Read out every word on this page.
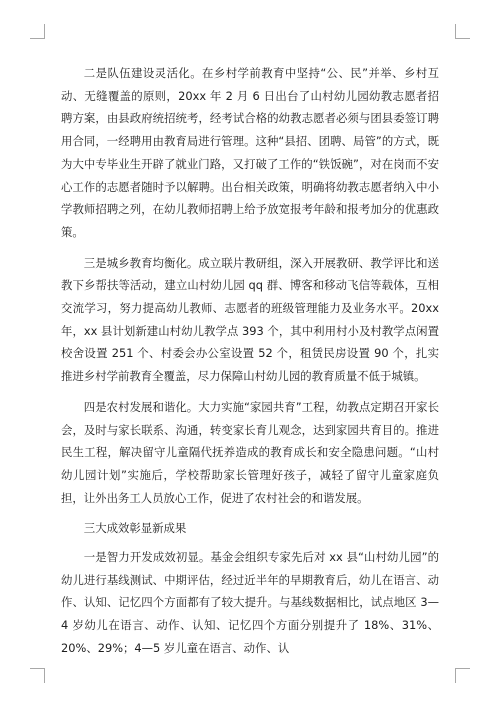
二是队伍建设灵活化。在乡村学前教育中坚持“公、民”并举、乡村互动、无缝覆盖的原则，20xx 年 2 月 6 日出台了山村幼儿园幼教志愿者招聘方案，由县政府统招统考，经考试合格的幼教志愿者必须与团县委签订聘用合同，一经聘用由教育局进行管理。这种“县招、团聘、局管”的方式，既为大中专毕业生开辟了就业门路，又打破了工作的“铁饭碗”，对在岗而不安心工作的志愿者随时予以解聘。出台相关政策，明确将幼教志愿者纳入中小学教师招聘之列，在幼儿教师招聘上给予放宽报考年龄和报考加分的优惠政策。

三是城乡教育均衡化。成立联片教研组，深入开展教研、教学评比和送教下乡帮扶等活动，建立山村幼儿园 qq 群、博客和移动飞信等载体，互相交流学习，努力提高幼儿教师、志愿者的班级管理能力及业务水平。20xx 年，xx 县计划新建山村幼儿教学点 393 个，其中利用村小及村教学点闲置校舍设置 251 个、村委会办公室设置 52 个，租赁民房设置 90 个，扎实推进乡村学前教育全覆盖，尽力保障山村幼儿园的教育质量不低于城镇。

四是农村发展和谐化。大力实施“家园共育”工程，幼教点定期召开家长会，及时与家长联系、沟通，转变家长育儿观念，达到家园共育目的。推进民生工程，解决留守儿童隔代抚养造成的教育成长和安全隐患问题。“山村幼儿园计划”实施后，学校帮助家长管理好孩子，减轻了留守儿童家庭负担，让外出务工人员放心工作，促进了农村社会的和谐发展。

三大成效彰显新成果

一是智力开发成效初显。基金会组织专家先后对 xx 县“山村幼儿园”的幼儿进行基线测试、中期评估，经过近半年的早期教育后，幼儿在语言、动作、认知、记忆四个方面都有了较大提升。与基线数据相比，试点地区 3—4 岁幼儿在语言、动作、认知、记忆四个方面分别提升了 18%、31%、20%、29%；4—5 岁儿童在语言、动作、认
